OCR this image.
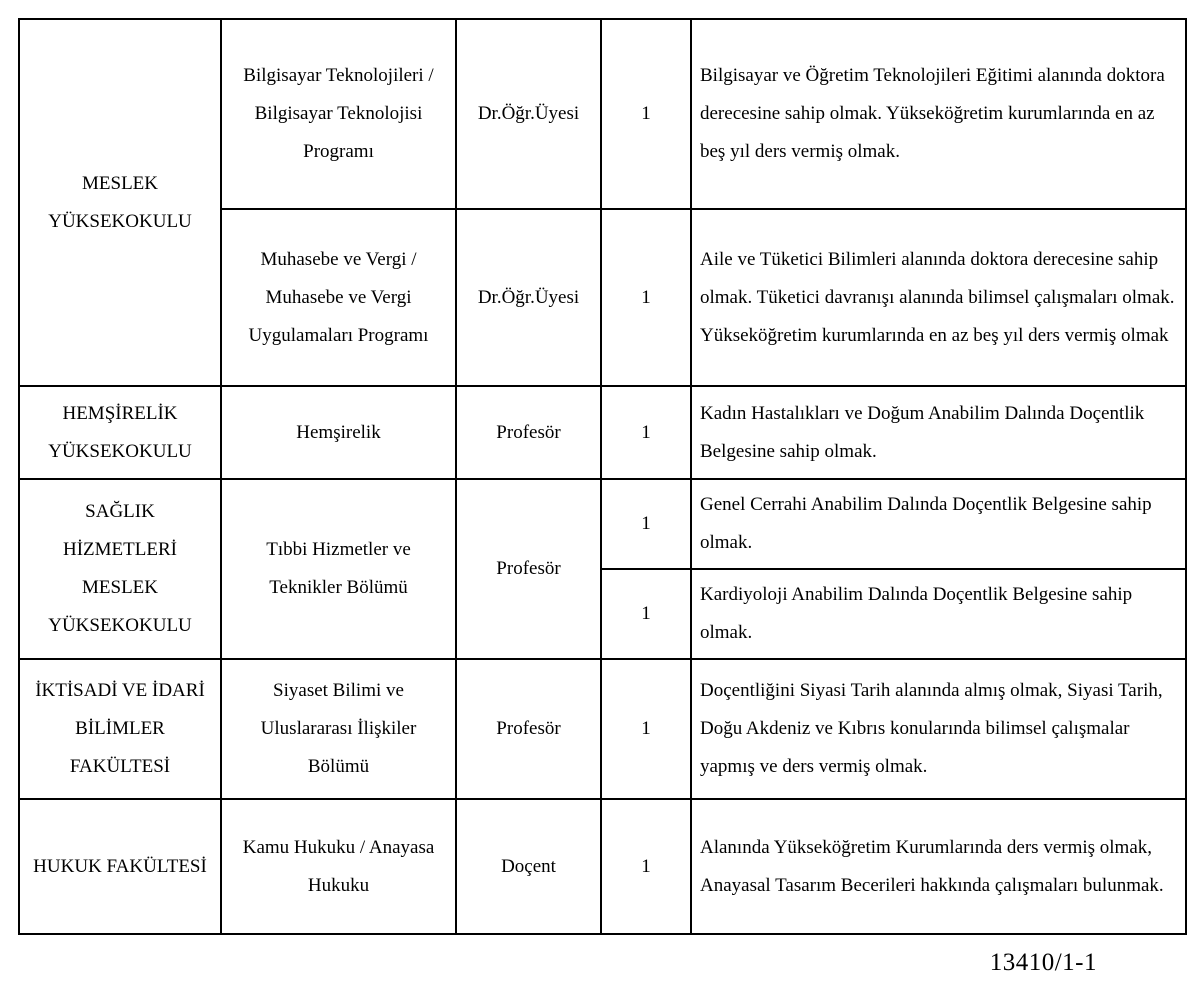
MESLEK YÜKSEKOKULU	Bilgisayar Teknolojileri / Bilgisayar Teknolojisi Programı	Dr.Öğr.Üyesi	1	Bilgisayar ve Öğretim Teknolojileri Eğitimi alanında doktora derecesine sahip olmak. Yükseköğretim kurumlarında en az beş yıl ders vermiş olmak.
	Muhasebe ve Vergi / Muhasebe ve Vergi Uygulamaları Programı	Dr.Öğr.Üyesi	1	Aile ve Tüketici Bilimleri alanında doktora derecesine sahip olmak. Tüketici davranışı alanında bilimsel çalışmaları olmak. Yükseköğretim kurumlarında en az beş yıl ders vermiş olmak
HEMŞİRELİK YÜKSEKOKULU	Hemşirelik	Profesör	1	Kadın Hastalıkları ve Doğum Anabilim Dalında Doçentlik Belgesine sahip olmak.
SAĞLIK HİZMETLERİ MESLEK YÜKSEKOKULU	Tıbbi Hizmetler ve Teknikler Bölümü	Profesör	1	Genel Cerrahi Anabilim Dalında Doçentlik Belgesine sahip olmak.
			1	Kardiyoloji Anabilim Dalında Doçentlik Belgesine sahip olmak.
İKTİSADİ VE İDARİ BİLİMLER FAKÜLTESİ	Siyaset Bilimi ve Uluslararası İlişkiler Bölümü	Profesör	1	Doçentliğini Siyasi Tarih alanında almış olmak, Siyasi Tarih, Doğu Akdeniz ve Kıbrıs konularında bilimsel çalışmalar yapmış ve ders vermiş olmak.
HUKUK FAKÜLTESİ	Kamu Hukuku / Anayasa Hukuku	Doçent	1	Alanında Yükseköğretim Kurumlarında ders vermiş olmak, Anayasal Tasarım Becerileri hakkında çalışmaları bulunmak.
13410/1-1
